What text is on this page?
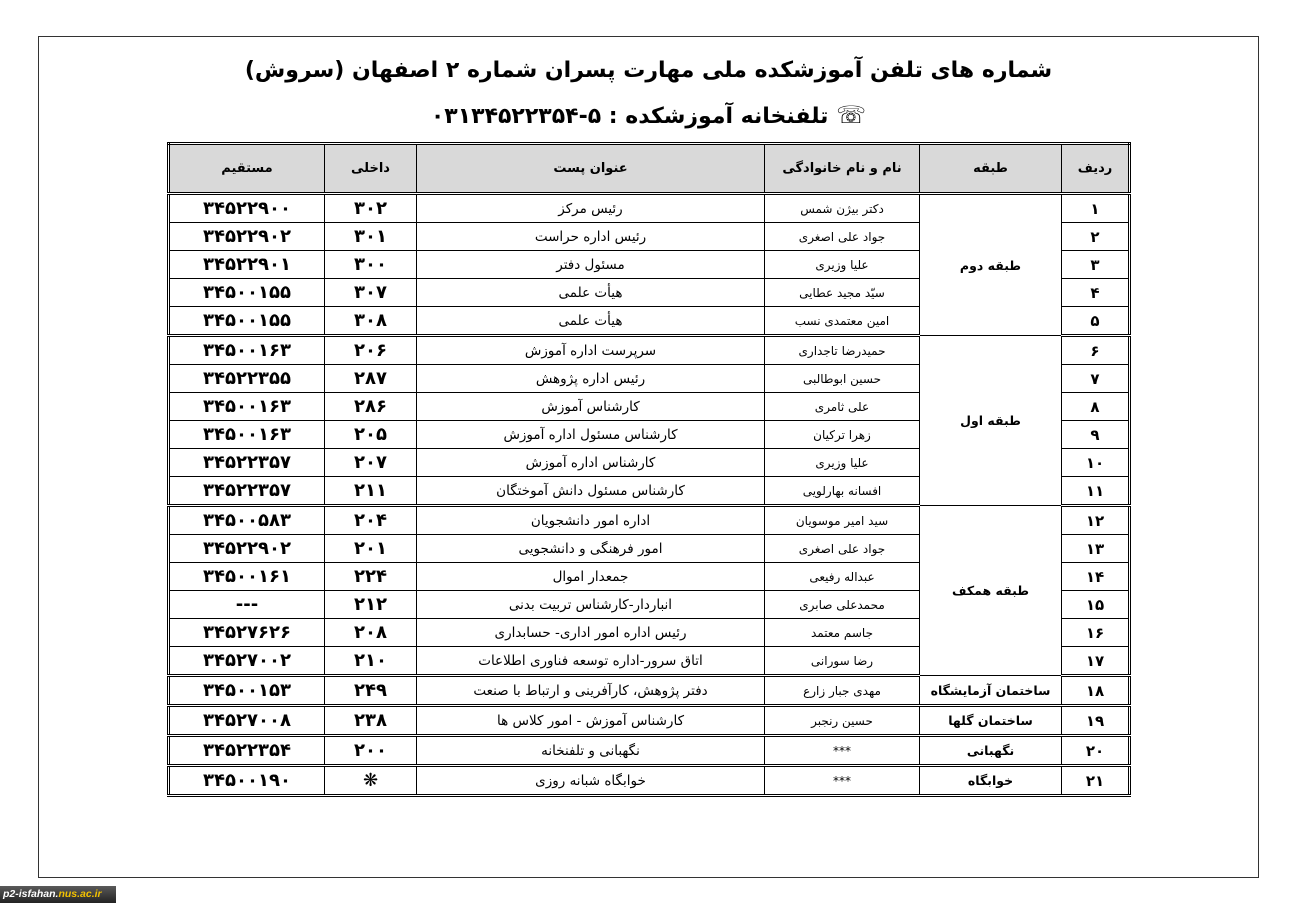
شماره های تلفن آموزشکده ملی مهارت پسران شماره ۲ اصفهان (سروش)
☏ تلفنخانه آموزشکده : ۰۳۱۳۴۵۲۲۳۵۴-۵
ردیف	طبقه	نام و نام خانوادگی	عنوان پست	داخلی	مستقیم
۱	طبقه دوم	دکتر بیژن شمس	رئیس مرکز	۳۰۲	۳۴۵۲۲۹۰۰
۲		جواد علی اصغری	رئیس اداره حراست	۳۰۱	۳۴۵۲۲۹۰۲
۳		علیا وزیری	مسئول دفتر	۳۰۰	۳۴۵۲۲۹۰۱
۴		سیّد مجید عطایی	هیأت علمی	۳۰۷	۳۴۵۰۰۱۵۵
۵		امین معتمدی نسب	هیأت علمی	۳۰۸	۳۴۵۰۰۱۵۵
۶	طبقه اول	حمیدرضا تاجداری	سرپرست اداره آموزش	۲۰۶	۳۴۵۰۰۱۶۳
۷		حسین ابوطالبی	رئیس اداره پژوهش	۲۸۷	۳۴۵۲۲۳۵۵
۸		علی ثامری	کارشناس آموزش	۲۸۶	۳۴۵۰۰۱۶۳
۹		زهرا ترکیان	کارشناس مسئول اداره آموزش	۲۰۵	۳۴۵۰۰۱۶۳
۱۰		علیا وزیری	کارشناس اداره آموزش	۲۰۷	۳۴۵۲۲۳۵۷
۱۱		افسانه بهارلویی	کارشناس مسئول دانش آموختگان	۲۱۱	۳۴۵۲۲۳۵۷
۱۲	طبقه همکف	سید امیر موسویان	اداره امور دانشجویان	۲۰۴	۳۴۵۰۰۵۸۳
۱۳		جواد علی اصغری	امور فرهنگی و دانشجویی	۲۰۱	۳۴۵۲۲۹۰۲
۱۴		عبداله رفیعی	جمعدار اموال	۲۲۴	۳۴۵۰۰۱۶۱
۱۵		محمدعلی صابری	انباردار-کارشناس تربیت بدنی	۲۱۲	---
۱۶		جاسم معتمد	رئیس اداره امور اداری- حسابداری	۲۰۸	۳۴۵۲۷۶۲۶
۱۷		رضا سورانی	اتاق سرور-اداره توسعه فناوری اطلاعات	۲۱۰	۳۴۵۲۷۰۰۲
۱۸	ساختمان آزمایشگاه	مهدی جبار زارع	دفتر پژوهش، کارآفرینی و ارتباط با صنعت	۲۴۹	۳۴۵۰۰۱۵۳
۱۹	ساختمان گلها	حسین رنجبر	کارشناس آموزش - امور کلاس ها	۲۳۸	۳۴۵۲۷۰۰۸
۲۰	نگهبانی	***	نگهبانی و تلفنخانه	۲۰۰	۳۴۵۲۲۳۵۴
۲۱	خوابگاه	***	خوابگاه شبانه روزی	❋	۳۴۵۰۰۱۹۰
p2-isfahan.nus.ac.ir
